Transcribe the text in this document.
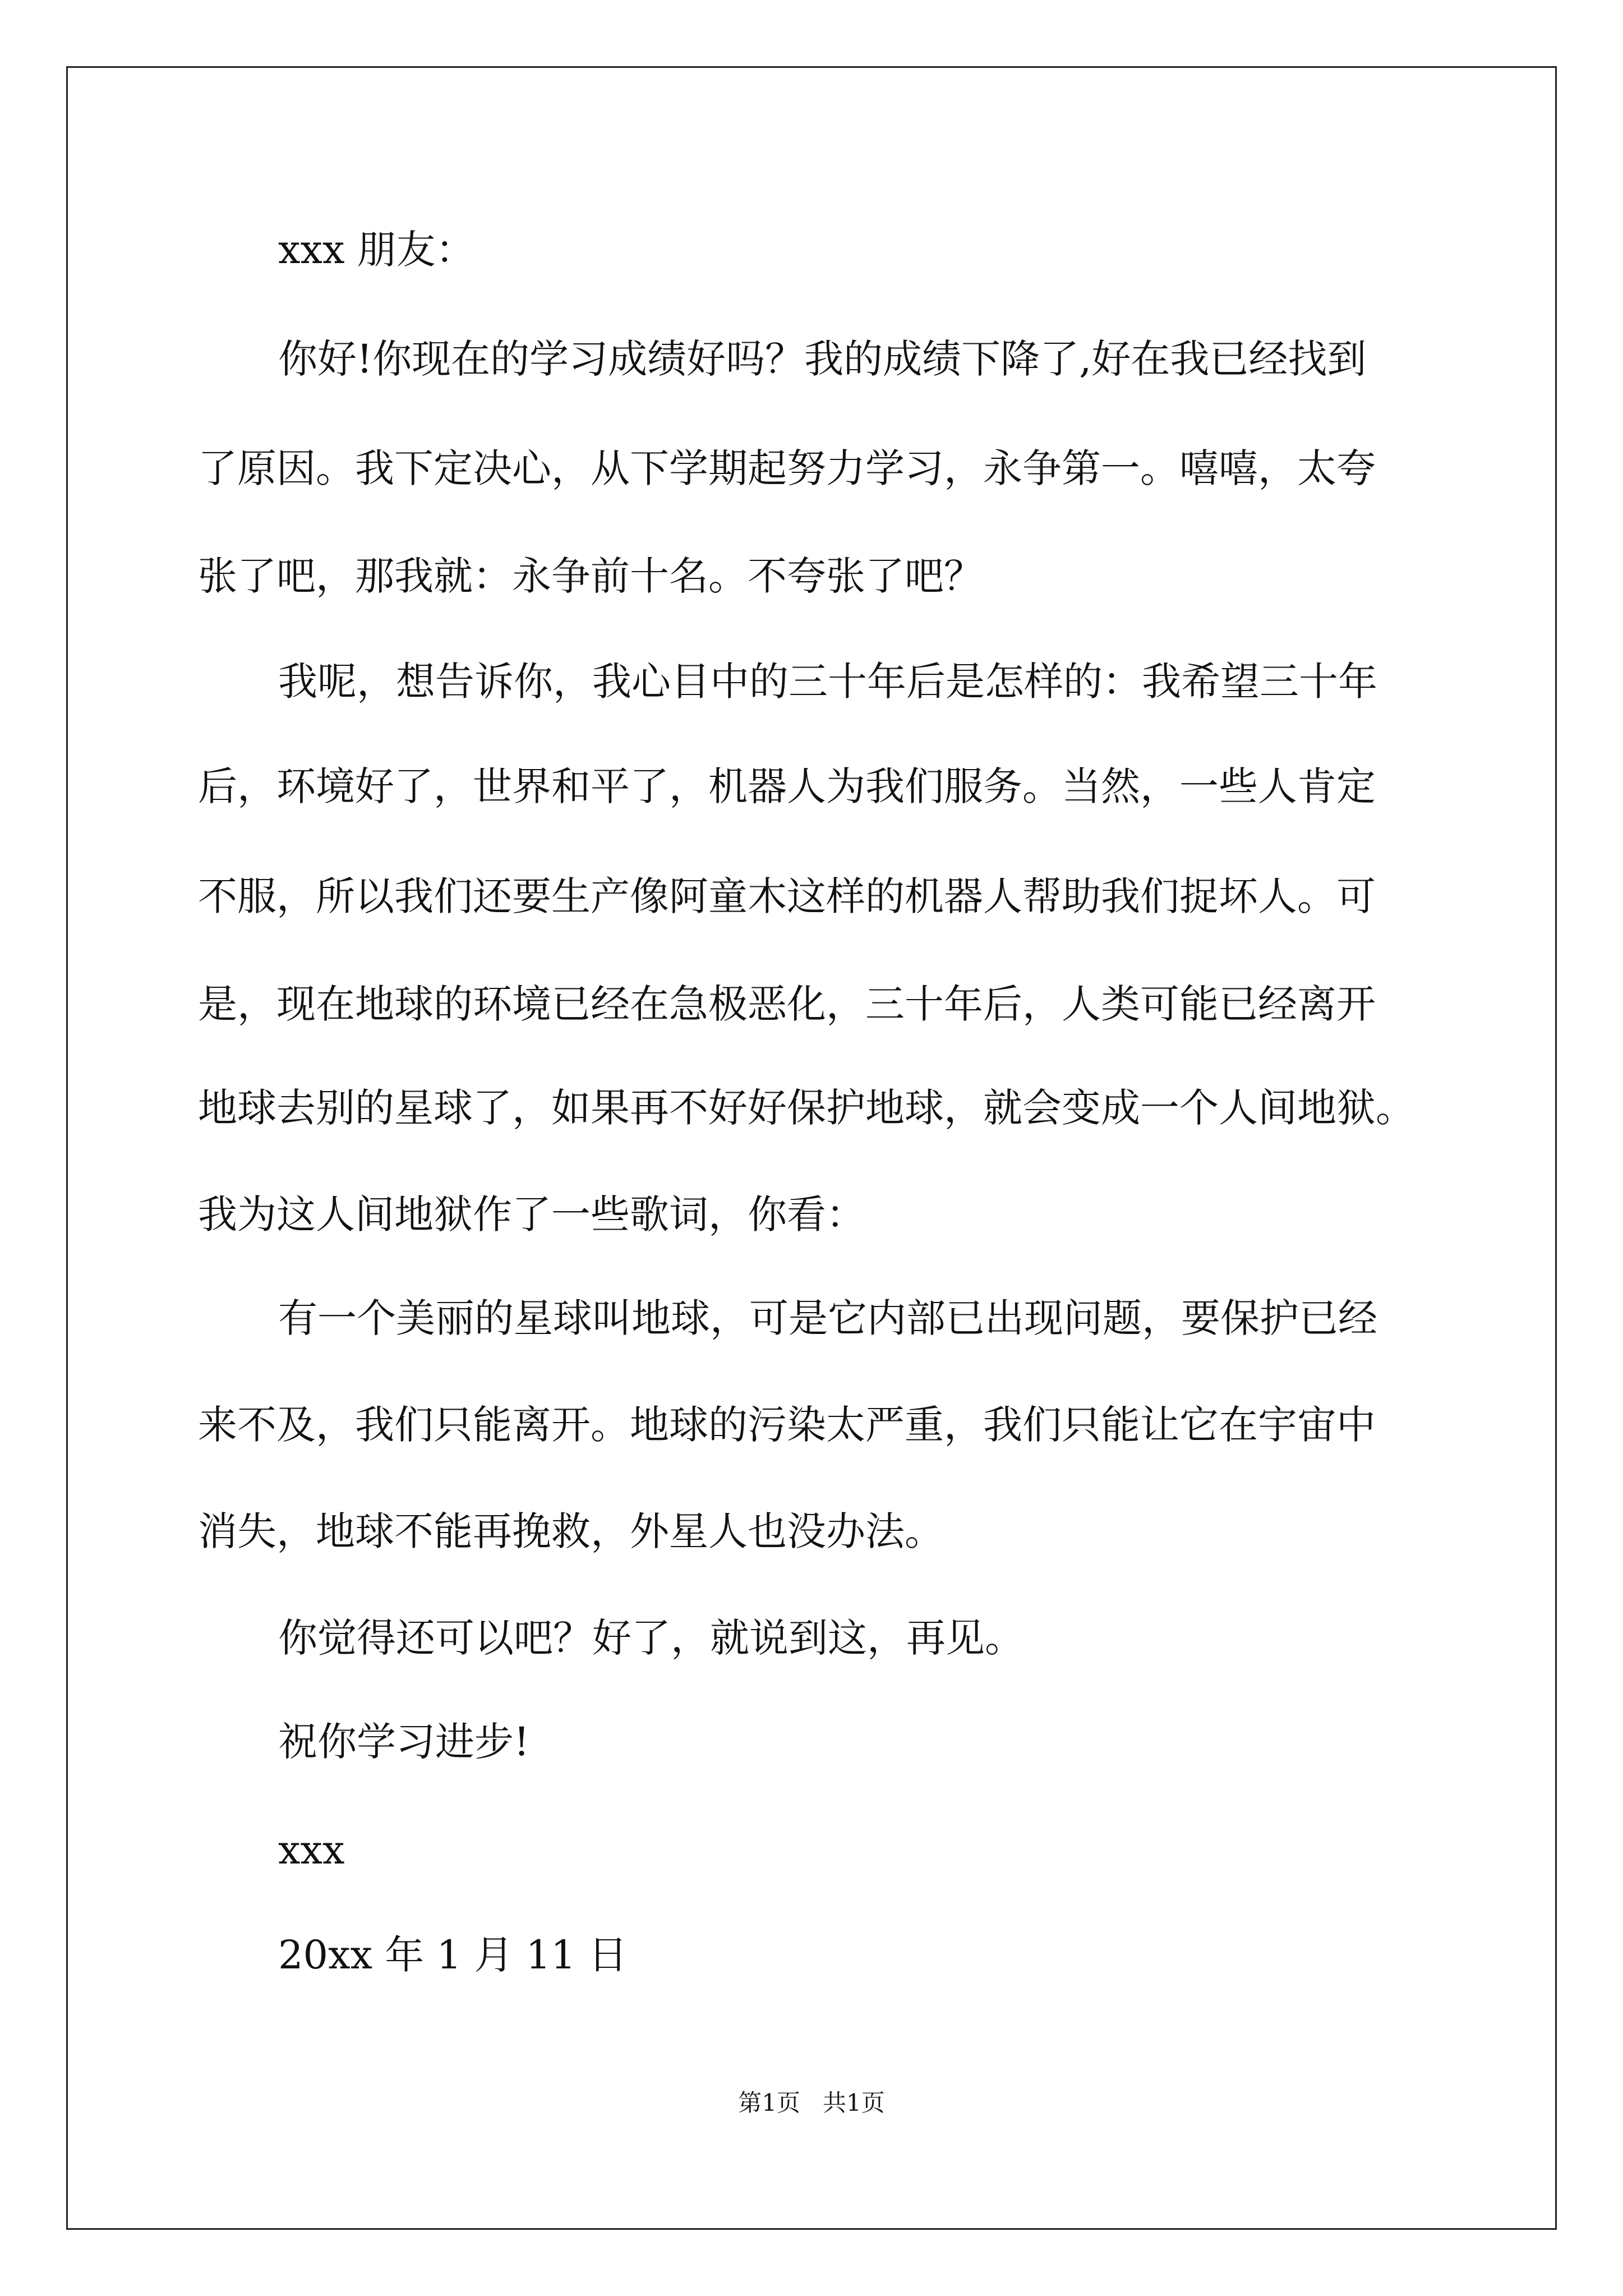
xxx 朋友：
你好!你现在的学习成绩好吗？我的成绩下降了,好在我已经找到
了原因。我下定决心，从下学期起努力学习，永争第一。嘻嘻，太夸
张了吧，那我就：永争前十名。不夸张了吧？
我呢，想告诉你，我心目中的三十年后是怎样的：我希望三十年
后，环境好了，世界和平了，机器人为我们服务。当然，一些人肯定
不服，所以我们还要生产像阿童木这样的机器人帮助我们捉坏人。可
是，现在地球的环境已经在急极恶化，三十年后，人类可能已经离开
地球去别的星球了，如果再不好好保护地球，就会变成一个人间地狱。
我为这人间地狱作了一些歌词，你看：
有一个美丽的星球叫地球，可是它内部已出现问题，要保护已经
来不及，我们只能离开。地球的污染太严重，我们只能让它在宇宙中
消失，地球不能再挽救，外星人也没办法。
你觉得还可以吧？好了，就说到这，再见。
祝你学习进步!
xxx
20xx 年 1 月 11 日
第1页   共1页
